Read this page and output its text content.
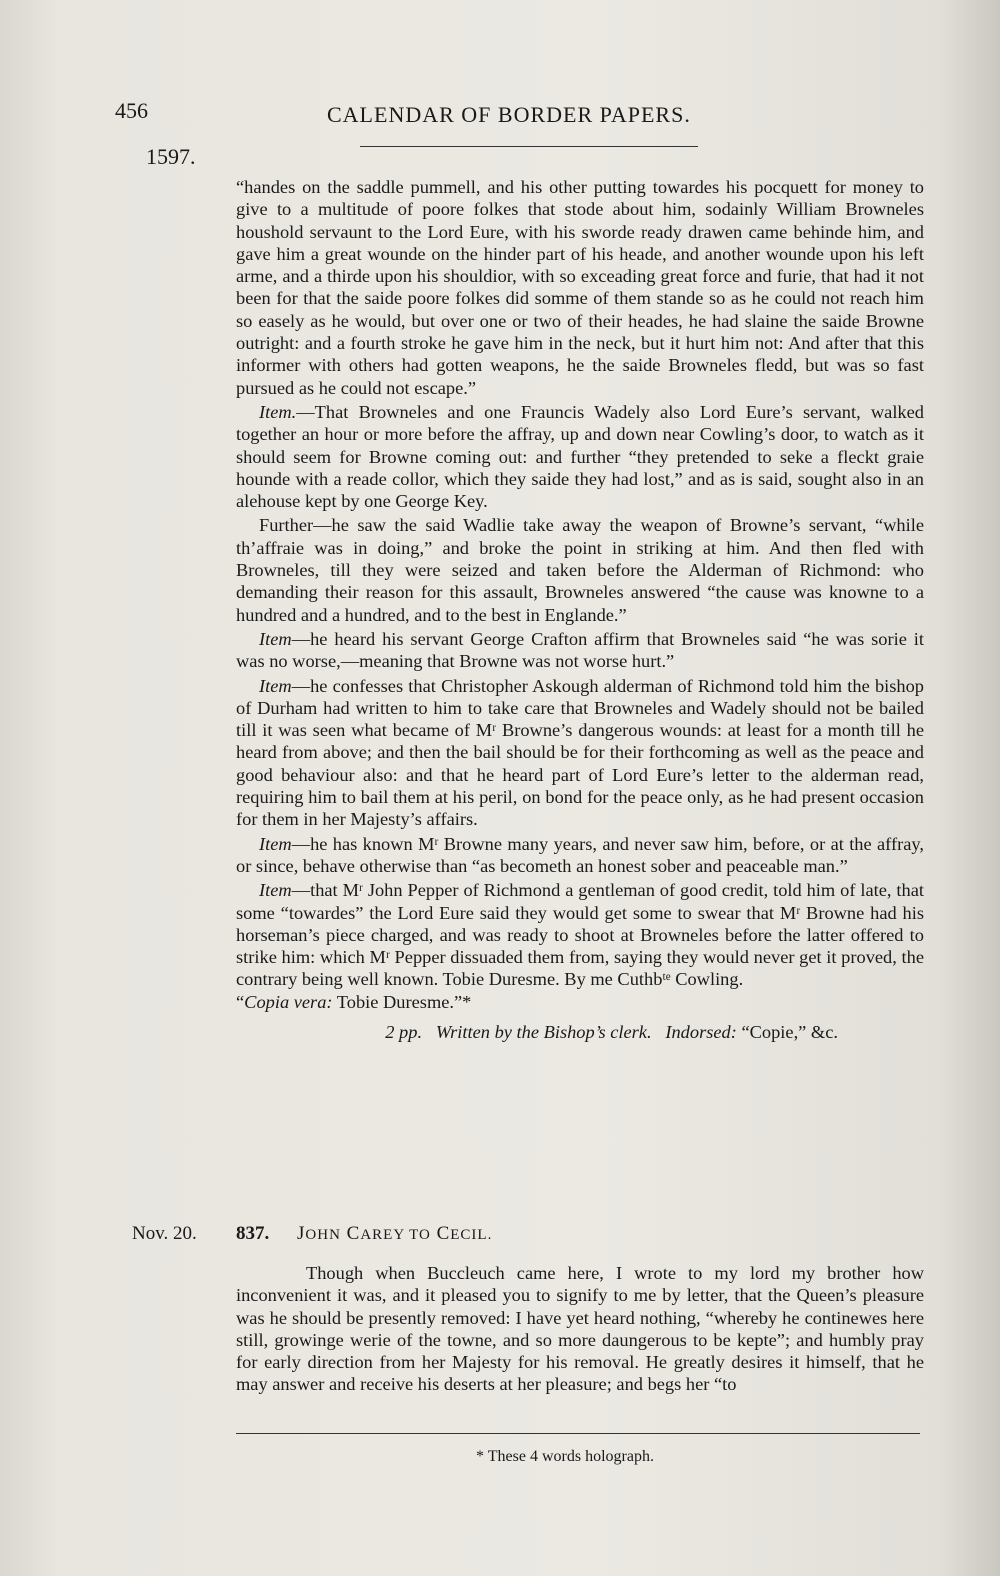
456	CALENDAR OF BORDER PAPERS.
1597.

“handes on the saddle pummell, and his other putting towardes his pocquett for money to give to a multitude of poore folkes that stode about him, sodainly William Browneles houshold servaunt to the Lord Eure, with his sworde ready drawen came behinde him, and gave him a great wounde on the hinder part of his heade, and another wounde upon his left arme, and a thirde upon his shouldior, with so exceading great force and furie, that had it not been for that the saide poore folkes did somme of them stande so as he could not reach him so easely as he would, but over one or two of their heades, he had slaine the saide Browne outright: and a fourth stroke he gave him in the neck, but it hurt him not: And after that this informer with others had gotten weapons, he the saide Browneles fledd, but was so fast pursued as he could not escape.”

Item.—That Browneles and one Frauncis Wadely also Lord Eure’s servant, walked together an hour or more before the affray, up and down near Cowling’s door, to watch as it should seem for Browne coming out: and further “they pretended to seke a fleckt graie hounde with a reade collor, which they saide they had lost,” and as is said, sought also in an alehouse kept by one George Key.

Further—he saw the said Wadlie take away the weapon of Browne’s servant, “while th’affraie was in doing,” and broke the point in striking at him. And then fled with Browneles, till they were seized and taken before the Alderman of Richmond: who demanding their reason for this assault, Browneles answered “the cause was knowne to a hundred and a hundred, and to the best in Englande.”

Item—he heard his servant George Crafton affirm that Browneles said “he was sorie it was no worse,—meaning that Browne was not worse hurt.”

Item—he confesses that Christopher Askough alderman of Richmond told him the bishop of Durham had written to him to take care that Browneles and Wadely should not be bailed till it was seen what became of Mʳ Browne’s dangerous wounds: at least for a month till he heard from above; and then the bail should be for their forthcoming as well as the peace and good behaviour also: and that he heard part of Lord Eure’s letter to the alderman read, requiring him to bail them at his peril, on bond for the peace only, as he had present occasion for them in her Majesty’s affairs.

Item—he has known Mʳ Browne many years, and never saw him, before, or at the affray, or since, behave otherwise than “as becometh an honest sober and peaceable man.”

Item—that Mʳ John Pepper of Richmond a gentleman of good credit, told him of late, that some “towardes” the Lord Eure said they would get some to swear that Mʳ Browne had his horseman’s piece charged, and was ready to shoot at Browneles before the latter offered to strike him: which Mʳ Pepper dissuaded them from, saying they would never get it proved, the contrary being well known. Tobie Duresme. By me Cuthbᵗᵉ Cowling.
“Copia vera: Tobie Duresme.”*

2 pp. Written by the Bishop’s clerk. Indorsed: “Copie,” &c.
Nov. 20. 837. JOHN CAREY TO CECIL.

Though when Buccleuch came here, I wrote to my lord my brother how inconvenient it was, and it pleased you to signify to me by letter, that the Queen’s pleasure was he should be presently removed: I have yet heard nothing, “whereby he continewes here still, growinge werie of the towne, and so more daungerous to be kepte”; and humbly pray for early direction from her Majesty for his removal. He greatly desires it himself, that he may answer and receive his deserts at her pleasure; and begs her “to

* These 4 words holograph.
